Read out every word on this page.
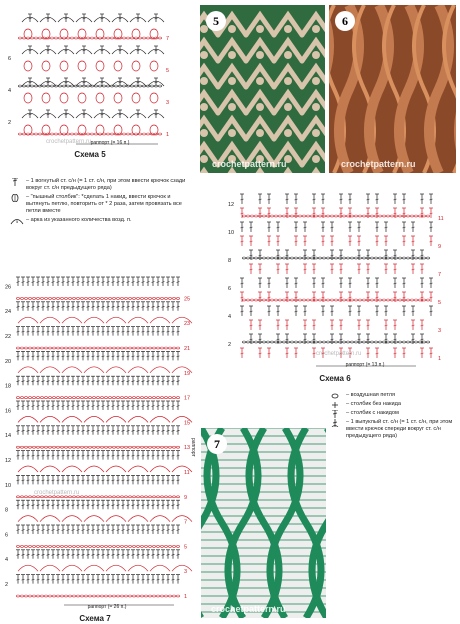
2
4
6
1
3
5
7
crochetpattern.ru раппорт (= 16 п.)
Схема 5
– 1 вогнутый ст. с/н (= 1 ст. с/н, при этом ввести крючок сзади вокруг ст. с/н предыдущего ряда)
– "пышный столбик": *сделать 1 накид, ввести крючок и вытянуть петлю, повторить от * 2 раза, затем провязать все петли вместе
5 – арка из указанного количества возд. п.
5
crochetpattern.ru
6
crochetpattern.ru
2
4
6
8
10
12
1
3
5
7
9
11
crochetpattern.ru
раппорт (= 13 п.)
Схема 6
– воздушная петля
– столбик без накида
– столбик с накидом
– 1 выпуклый ст. с/н (= 1 ст. с/н, при этом ввести крючок спереди вокруг ст. с/н предыдущего ряда)
7
crochetpattern.ru
2
4
6
8
10
12
14
16
18
20
22
24
26
1
3
5
7
9
11
13
15
17
19
21
23
25
раппорт
crochetpattern.ru
раппорт (= 26 п.)
Схема 7
